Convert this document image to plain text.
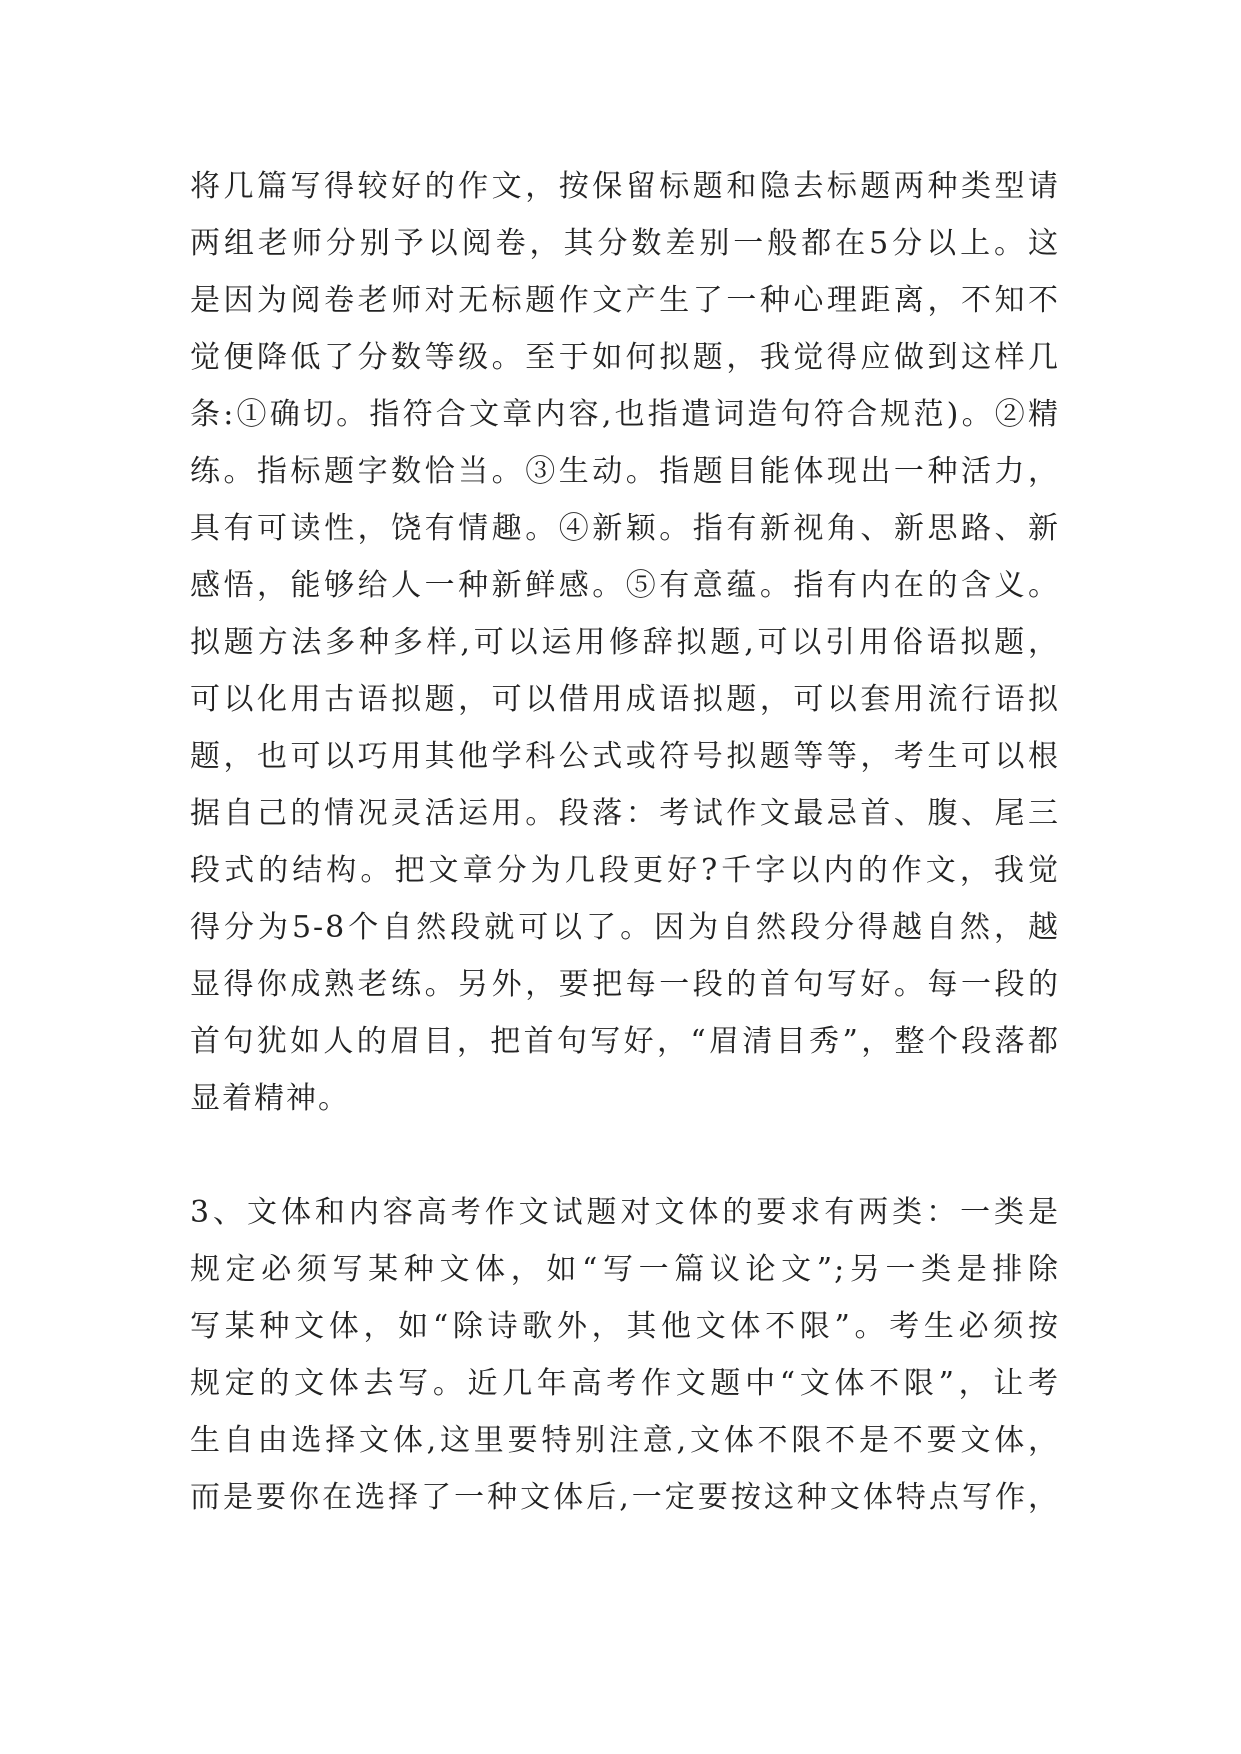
将几篇写得较好的作文，按保留标题和隐去标题两种类型请
两组老师分别予以阅卷，其分数差别一般都在5分以上。这
是因为阅卷老师对无标题作文产生了一种心理距离，不知不
觉便降低了分数等级。至于如何拟题，我觉得应做到这样几
条:①确切。指符合文章内容,也指遣词造句符合规范)。②精
练。指标题字数恰当。③生动。指题目能体现出一种活力，
具有可读性，饶有情趣。④新颖。指有新视角、新思路、新
感悟，能够给人一种新鲜感。⑤有意蕴。指有内在的含义。
拟题方法多种多样,可以运用修辞拟题,可以引用俗语拟题，
可以化用古语拟题，可以借用成语拟题，可以套用流行语拟
题，也可以巧用其他学科公式或符号拟题等等，考生可以根
据自己的情况灵活运用。段落：考试作文最忌首、腹、尾三
段式的结构。把文章分为几段更好?千字以内的作文，我觉
得分为5-8个自然段就可以了。因为自然段分得越自然，越
显得你成熟老练。另外，要把每一段的首句写好。每一段的
首句犹如人的眉目，把首句写好，“眉清目秀”，整个段落都
显着精神。
3、文体和内容高考作文试题对文体的要求有两类：一类是
规定必须写某种文体，如“写一篇议论文”;另一类是排除
写某种文体，如“除诗歌外，其他文体不限”。考生必须按
规定的文体去写。近几年高考作文题中“文体不限”，让考
生自由选择文体,这里要特别注意,文体不限不是不要文体，
而是要你在选择了一种文体后,一定要按这种文体特点写作，
